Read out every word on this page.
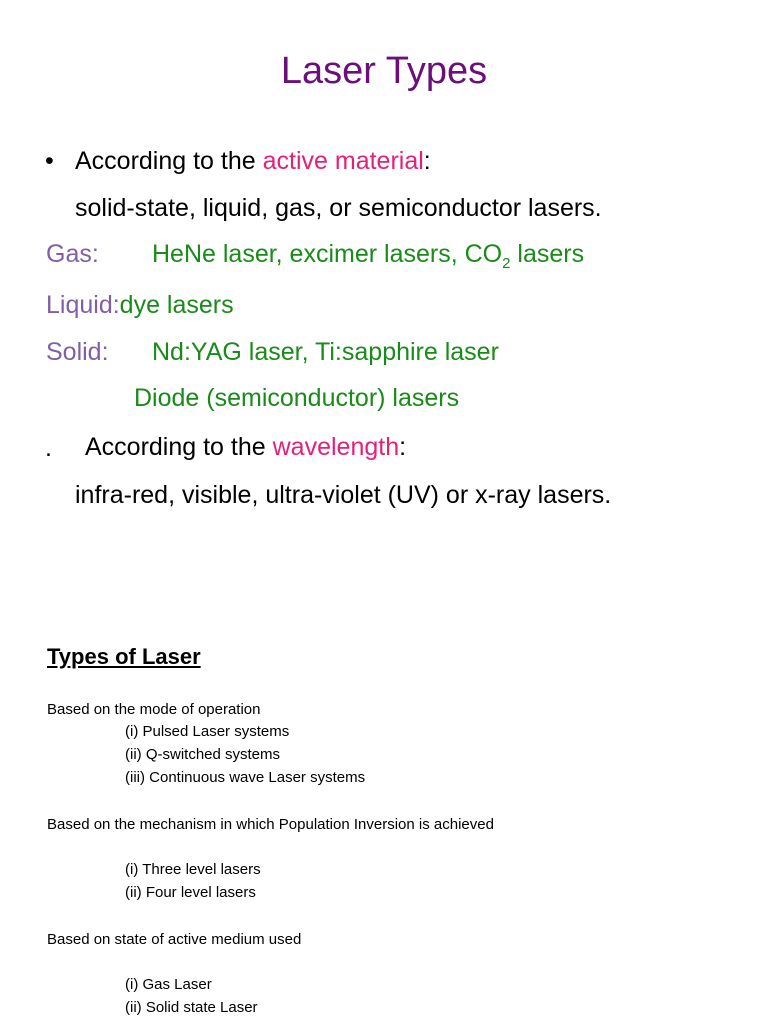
Laser Types
• According to the active material:
solid-state, liquid, gas, or semiconductor lasers.
Gas: HeNe laser, excimer lasers, $CO_2$ lasers
Liquid:dye lasers
Solid: Nd:YAG laser, Ti:sapphire laser
Diode (semiconductor) lasers
. According to the wavelength:
infra-red, visible, ultra-violet (UV) or x-ray lasers.
Types of Laser
Based on the mode of operation
(i) Pulsed Laser systems
(ii) Q-switched systems
(iii) Continuous wave Laser systems
Based on the mechanism in which Population Inversion is achieved
(i) Three level lasers
(ii) Four level lasers
Based on state of active medium used
(i) Gas Laser
(ii) Solid state Laser
